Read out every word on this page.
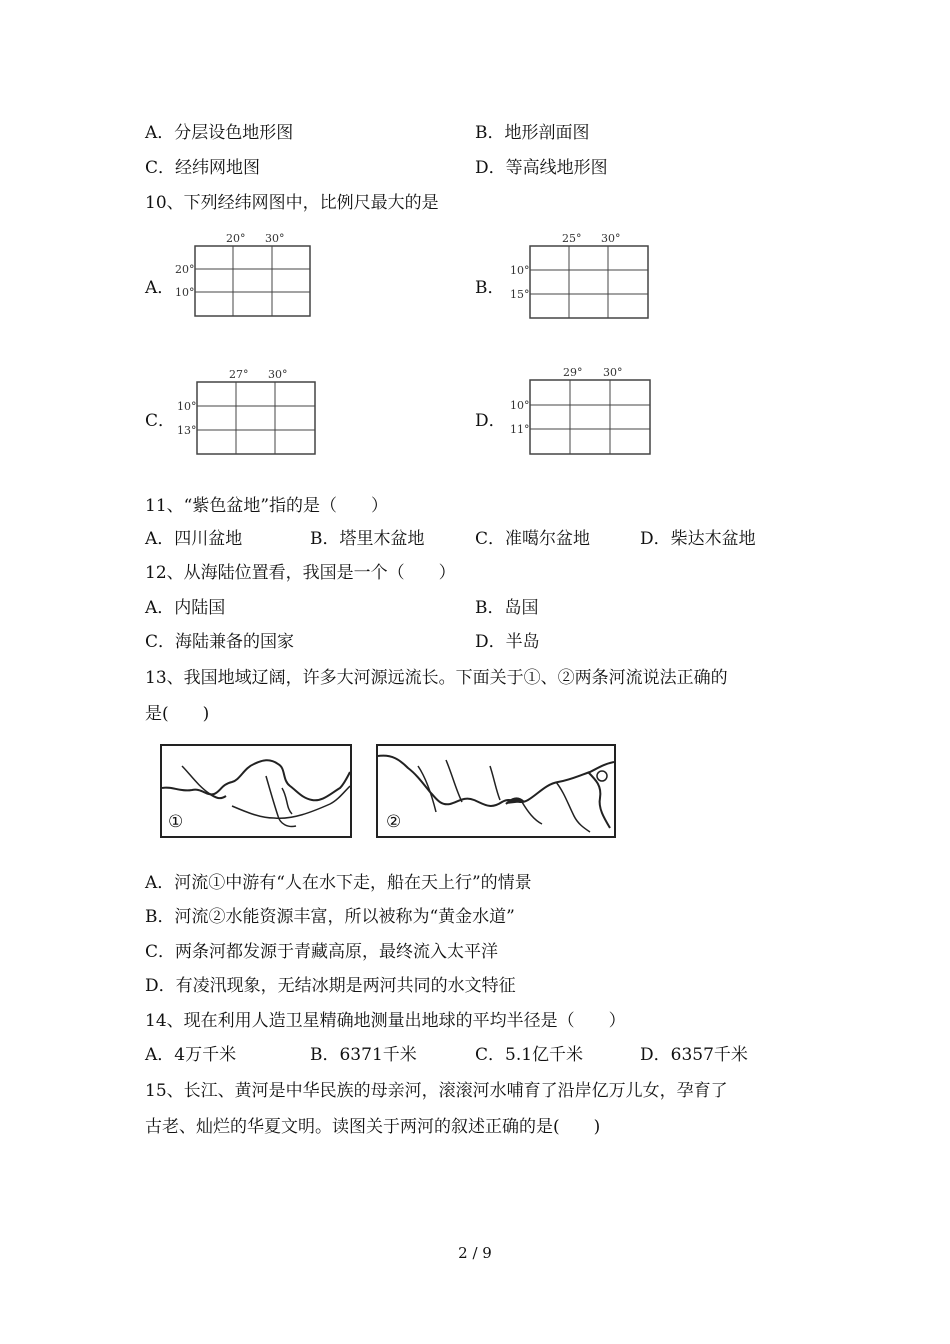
A．分层设色地形图	B．地形剖面图
C．经纬网地图	D．等高线地形图
10、下列经纬网图中，比例尺最大的是
A．
20° 30°
20°
10°	B．
25° 30°
10°
15°
C．
27° 30°
10°
13°	D．
29° 30°
10°
11°
11、“紫色盆地”指的是（　　）
A．四川盆地	B．塔里木盆地	C．准噶尔盆地	D．柴达木盆地
12、从海陆位置看，我国是一个（　　）
A．内陆国	B．岛国
C．海陆兼备的国家	D．半岛
13、我国地域辽阔，许多大河源远流长。下面关于①、②两条河流说法正确的
是(　　)
①	②
A．河流①中游有“人在水下走，船在天上行”的情景
B．河流②水能资源丰富，所以被称为“黄金水道”
C．两条河都发源于青藏高原，最终流入太平洋
D．有凌汛现象，无结冰期是两河共同的水文特征
14、现在利用人造卫星精确地测量出地球的平均半径是（　　）
A．4万千米	B．6371千米	C．5.1亿千米	D．6357千米
15、长江、黄河是中华民族的母亲河，滚滚河水哺育了沿岸亿万儿女，孕育了
古老、灿烂的华夏文明。读图关于两河的叙述正确的是(　　)
2 / 9
